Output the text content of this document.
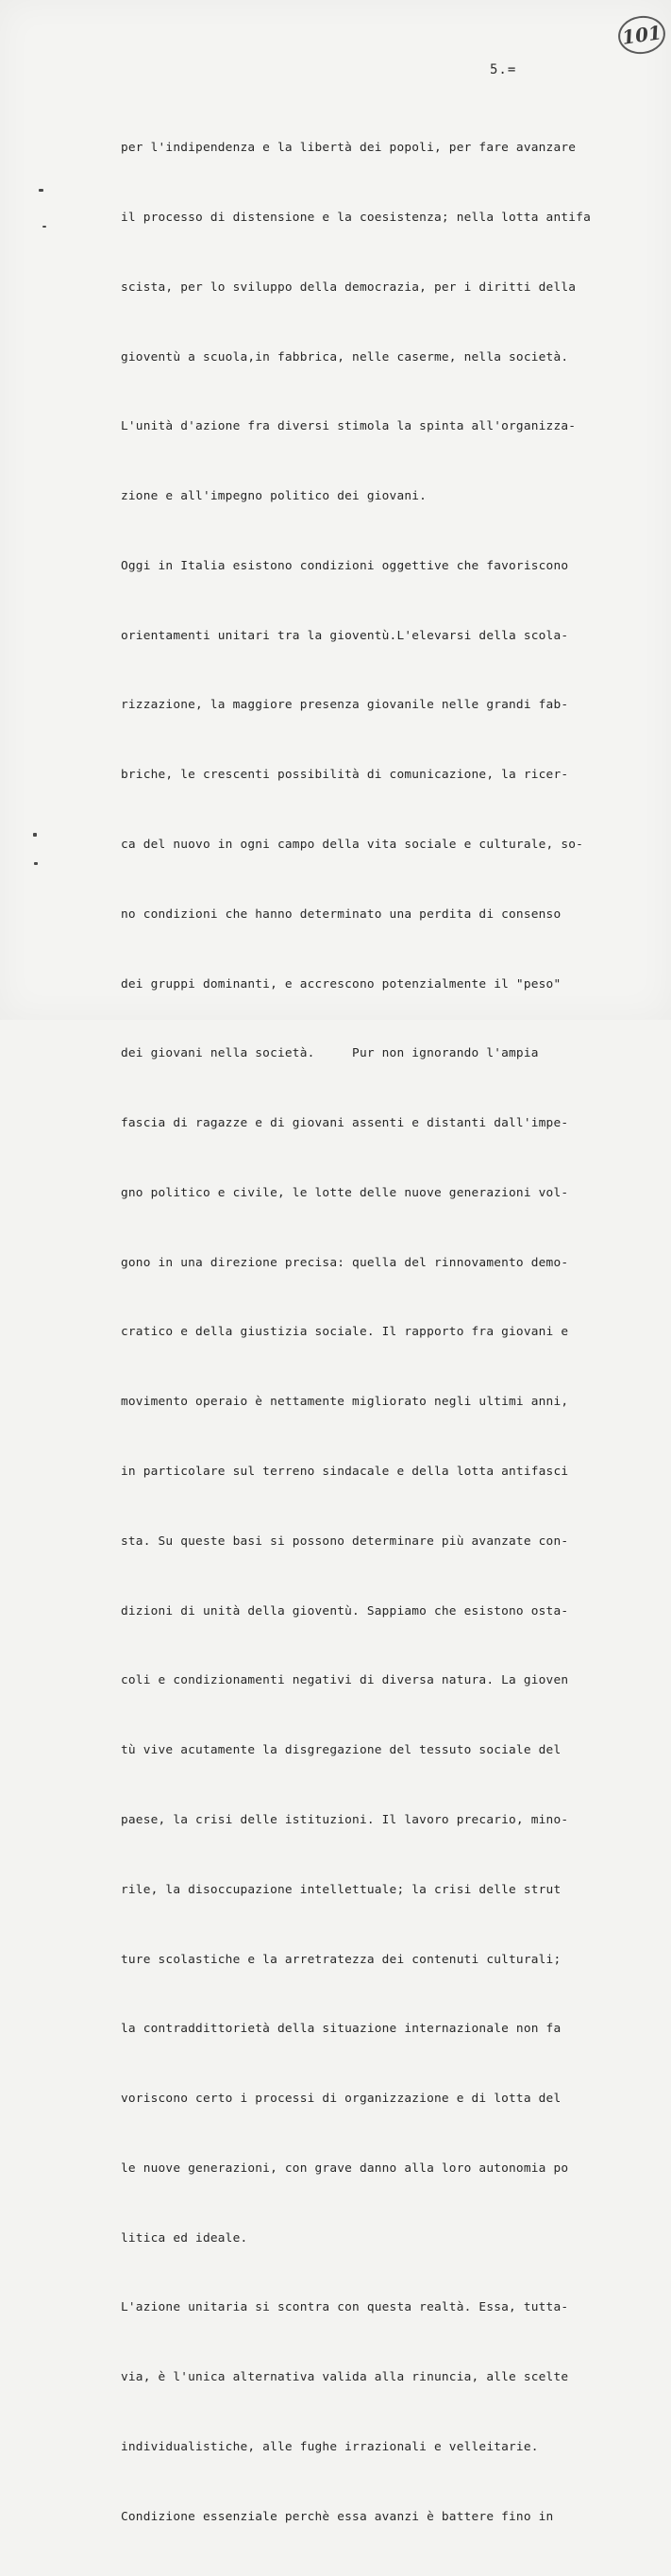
101
5.=

per l'indipendenza e la libertà dei popoli, per fare avanzare

il processo di distensione e la coesistenza; nella lotta antifa

scista, per lo sviluppo della democrazia, per i diritti della

gioventù a scuola,in fabbrica, nelle caserme, nella società.

L'unità d'azione fra diversi stimola la spinta all'organizza-

zione e all'impegno politico dei giovani.

Oggi in Italia esistono condizioni oggettive che favoriscono

orientamenti unitari tra la gioventù.L'elevarsi della scola-

rizzazione, la maggiore presenza giovanile nelle grandi fab-

briche, le crescenti possibilità di comunicazione, la ricer-

ca del nuovo in ogni campo della vita sociale e culturale, so-

no condizioni che hanno determinato una perdita di consenso

dei gruppi dominanti, e accrescono potenzialmente il "peso"

dei giovani nella società.     Pur non ignorando l'ampia

fascia di ragazze e di giovani assenti e distanti dall'impe-

gno politico e civile, le lotte delle nuove generazioni vol-

gono in una direzione precisa: quella del rinnovamento demo-

cratico e della giustizia sociale. Il rapporto fra giovani e

movimento operaio è nettamente migliorato negli ultimi anni,

in particolare sul terreno sindacale e della lotta antifasci

sta. Su queste basi si possono determinare più avanzate con-

dizioni di unità della gioventù. Sappiamo che esistono osta-

coli e condizionamenti negativi di diversa natura. La gioven

tù vive acutamente la disgregazione del tessuto sociale del

paese, la crisi delle istituzioni. Il lavoro precario, mino-

rile, la disoccupazione intellettuale; la crisi delle strut

ture scolastiche e la arretratezza dei contenuti culturali;

la contraddittorietà della situazione internazionale non fa

voriscono certo i processi di organizzazione e di lotta del

le nuove generazioni, con grave danno alla loro autonomia po

litica ed ideale.

L'azione unitaria si scontra con questa realtà. Essa, tutta-

via, è l'unica alternativa valida alla rinuncia, alle scelte

individualistiche, alle fughe irrazionali e velleitarie.

Condizione essenziale perchè essa avanzi è battere fino in
